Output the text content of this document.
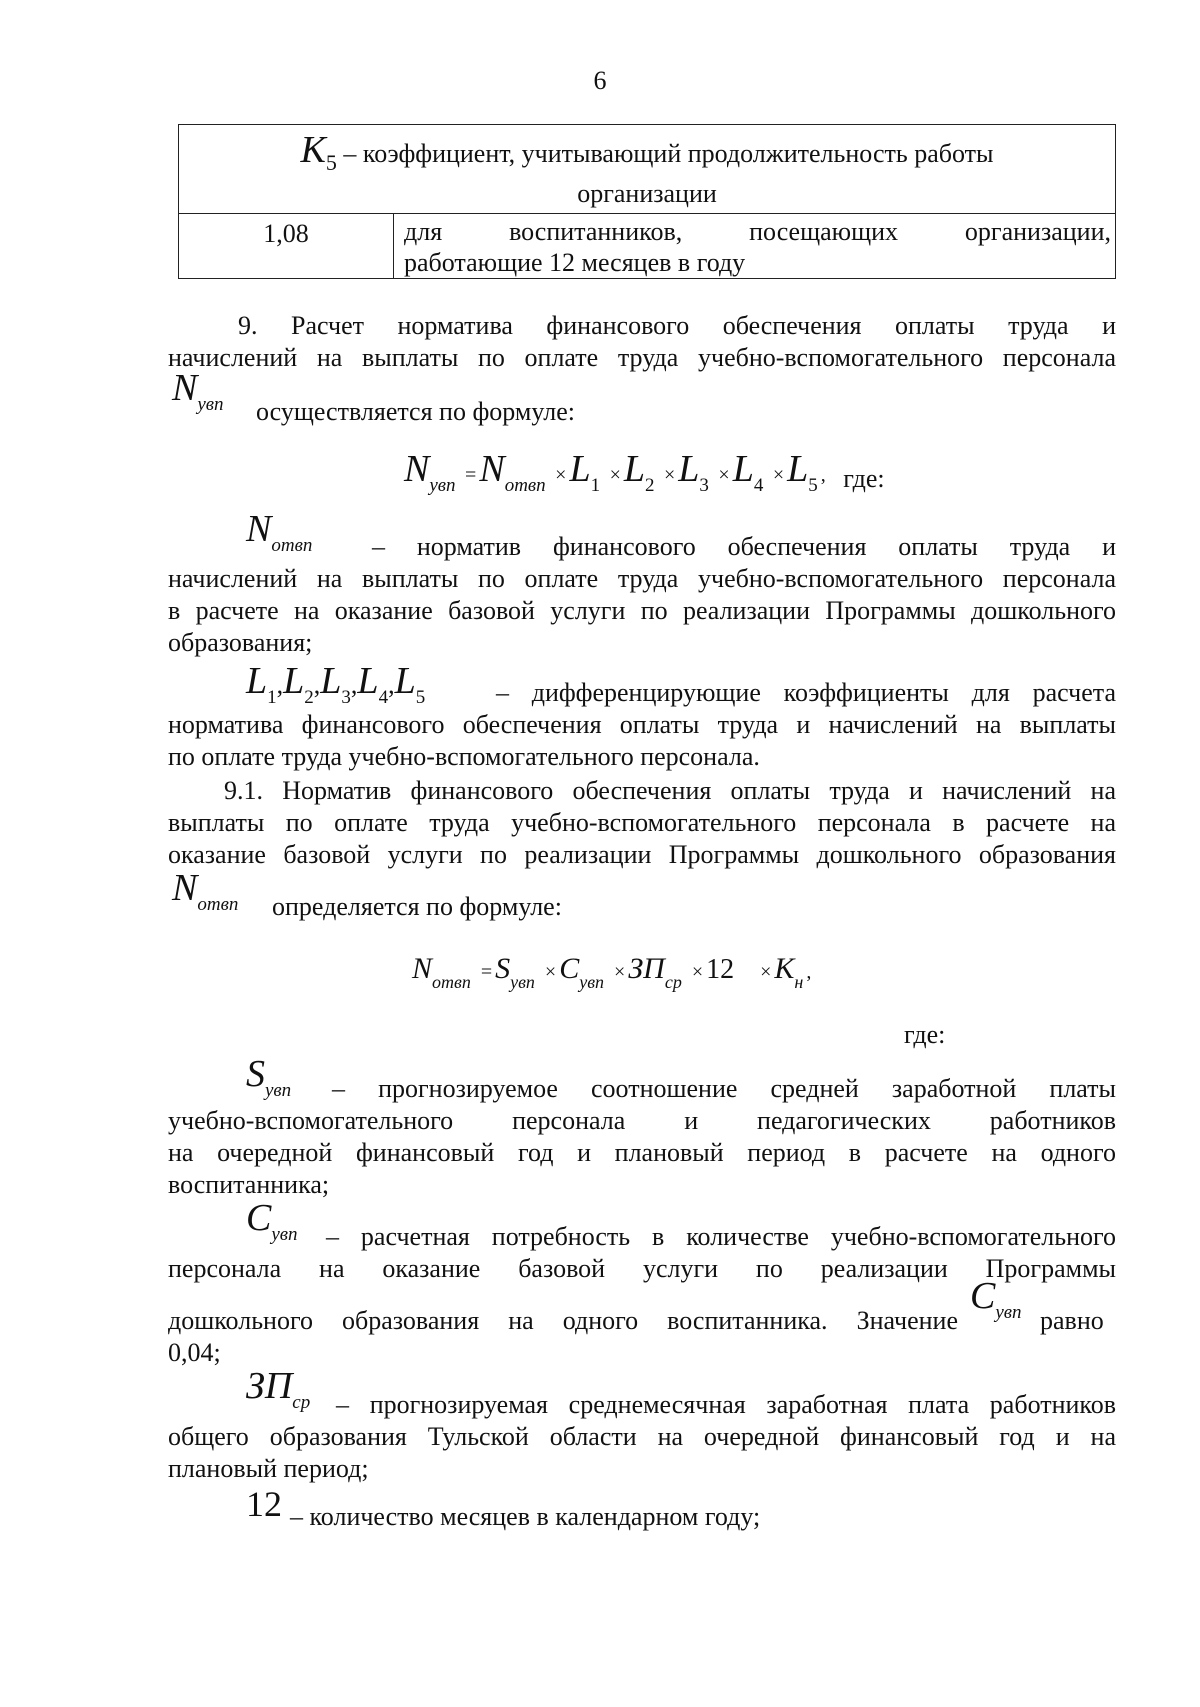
6
$K_5$ – коэффициент, учитывающий продолжительность работы
организации
1,08	для воспитанников, посещающих организации,
работающие 12 месяцев в году
9. Расчет норматива финансового обеспечения оплаты труда и
начислений на выплаты по оплате труда учебно-вспомогательного персонала
$N_{увп}$ осуществляется по формуле:
$N_{увп} =N_{отвп} \times L_1 \times L_2 \times L_3 \times L_4 \times L_5$ , где:
$N_{отвп}$ – норматив финансового обеспечения оплаты труда и
начислений на выплаты по оплате труда учебно-вспомогательного персонала
в расчете на оказание базовой услуги по реализации Программы дошкольного
образования;
$L_1,L_2,L_3,L_4,L_5$	– дифференцирующие коэффициенты для расчета
норматива финансового обеспечения оплаты труда и начислений на выплаты
по оплате труда учебно-вспомогательного персонала.
9.1. Норматив финансового обеспечения оплаты труда и начислений на
выплаты по оплате труда учебно-вспомогательного персонала в расчете на
оказание базовой услуги по реализации Программы дошкольного образования
$N_{отвп}$ определяется по формуле:
$N_{отвп} = S_{увп} \times C_{увп} \times ЗП_{ср} \times 12 \times K_н$ ,
где:
$S_{увп}$ – прогнозируемое соотношение средней заработной платы
учебно-вспомогательного персонала и педагогических работников
на очередной финансовый год и плановый период в расчете на одного
воспитанника;
$C_{увп}$ – расчетная потребность в количестве учебно-вспомогательного
персонала на оказание базовой услуги по реализации Программы
дошкольного образования на одного воспитанника. Значение
$C_{увп}$ равно
0,04;
$ЗП_{ср}$ – прогнозируемая среднемесячная заработная плата работников
общего образования Тульской области на очередной финансовый год и на
плановый период;
12 – количество месяцев в календарном году;
